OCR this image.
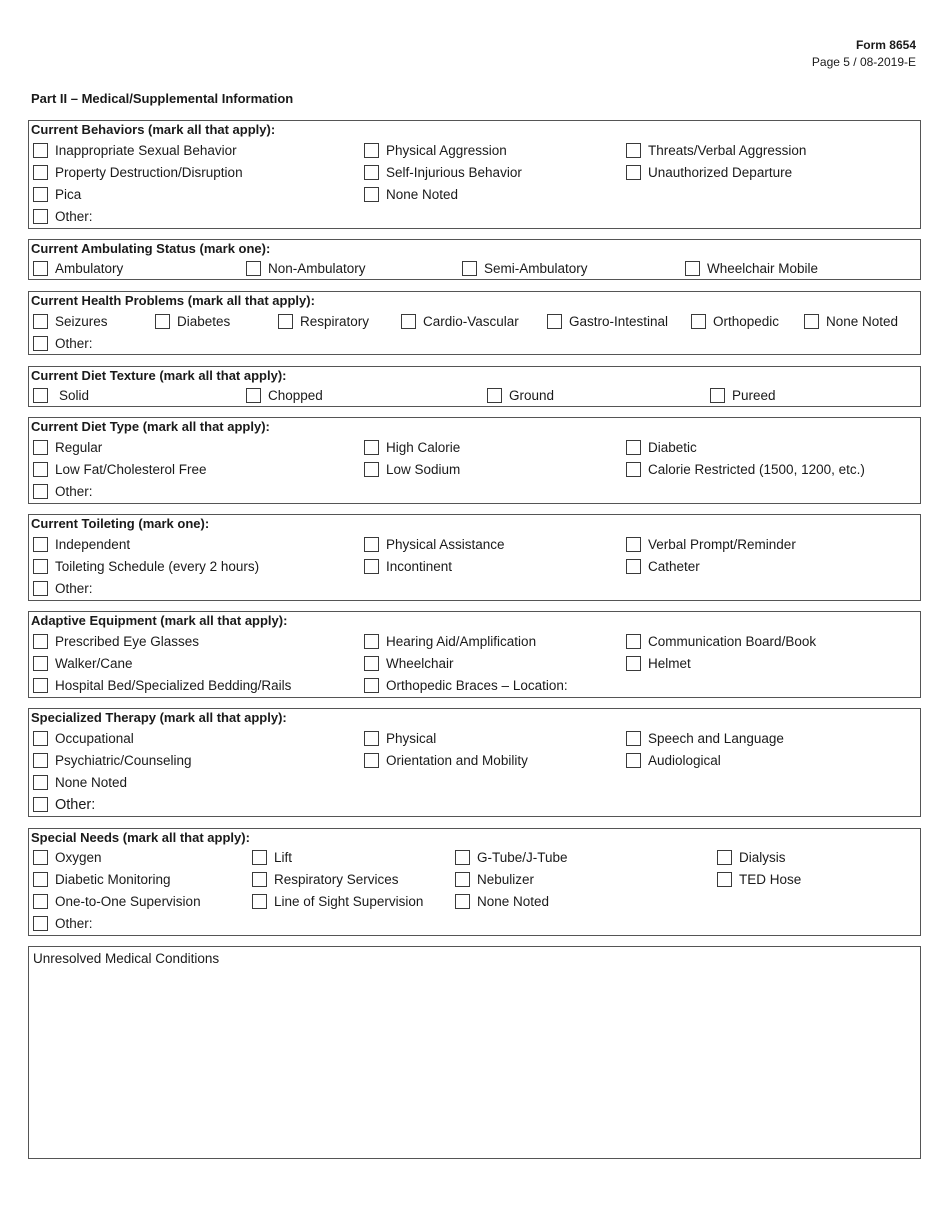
Form 8654
Page 5 / 08-2019-E
Part II – Medical/Supplemental Information
Current Behaviors (mark all that apply):
Inappropriate Sexual Behavior	Physical Aggression	Threats/Verbal Aggression
Property Destruction/Disruption	Self-Injurious Behavior	Unauthorized Departure
Pica	None Noted
Other:
Current Ambulating Status (mark one):
Ambulatory	Non-Ambulatory	Semi-Ambulatory	Wheelchair Mobile
Current Health Problems (mark all that apply):
Seizures	Diabetes	Respiratory	Cardio-Vascular	Gastro-Intestinal	Orthopedic	None Noted
Other:
Current Diet Texture (mark all that apply):
Solid	Chopped	Ground	Pureed
Current Diet Type (mark all that apply):
Regular	High Calorie	Diabetic
Low Fat/Cholesterol Free	Low Sodium	Calorie Restricted (1500, 1200, etc.)
Other:
Current Toileting (mark one):
Independent	Physical Assistance	Verbal Prompt/Reminder
Toileting Schedule (every 2 hours)	Incontinent	Catheter
Other:
Adaptive Equipment (mark all that apply):
Prescribed Eye Glasses	Hearing Aid/Amplification	Communication Board/Book
Walker/Cane	Wheelchair	Helmet
Hospital Bed/Specialized Bedding/Rails	Orthopedic Braces – Location:
Specialized Therapy (mark all that apply):
Occupational	Physical	Speech and Language
Psychiatric/Counseling	Orientation and Mobility	Audiological
None Noted
Other:
Special Needs (mark all that apply):
Oxygen	Lift	G-Tube/J-Tube	Dialysis
Diabetic Monitoring	Respiratory Services	Nebulizer	TED Hose
One-to-One Supervision	Line of Sight Supervision	None Noted
Other:
Unresolved Medical Conditions
